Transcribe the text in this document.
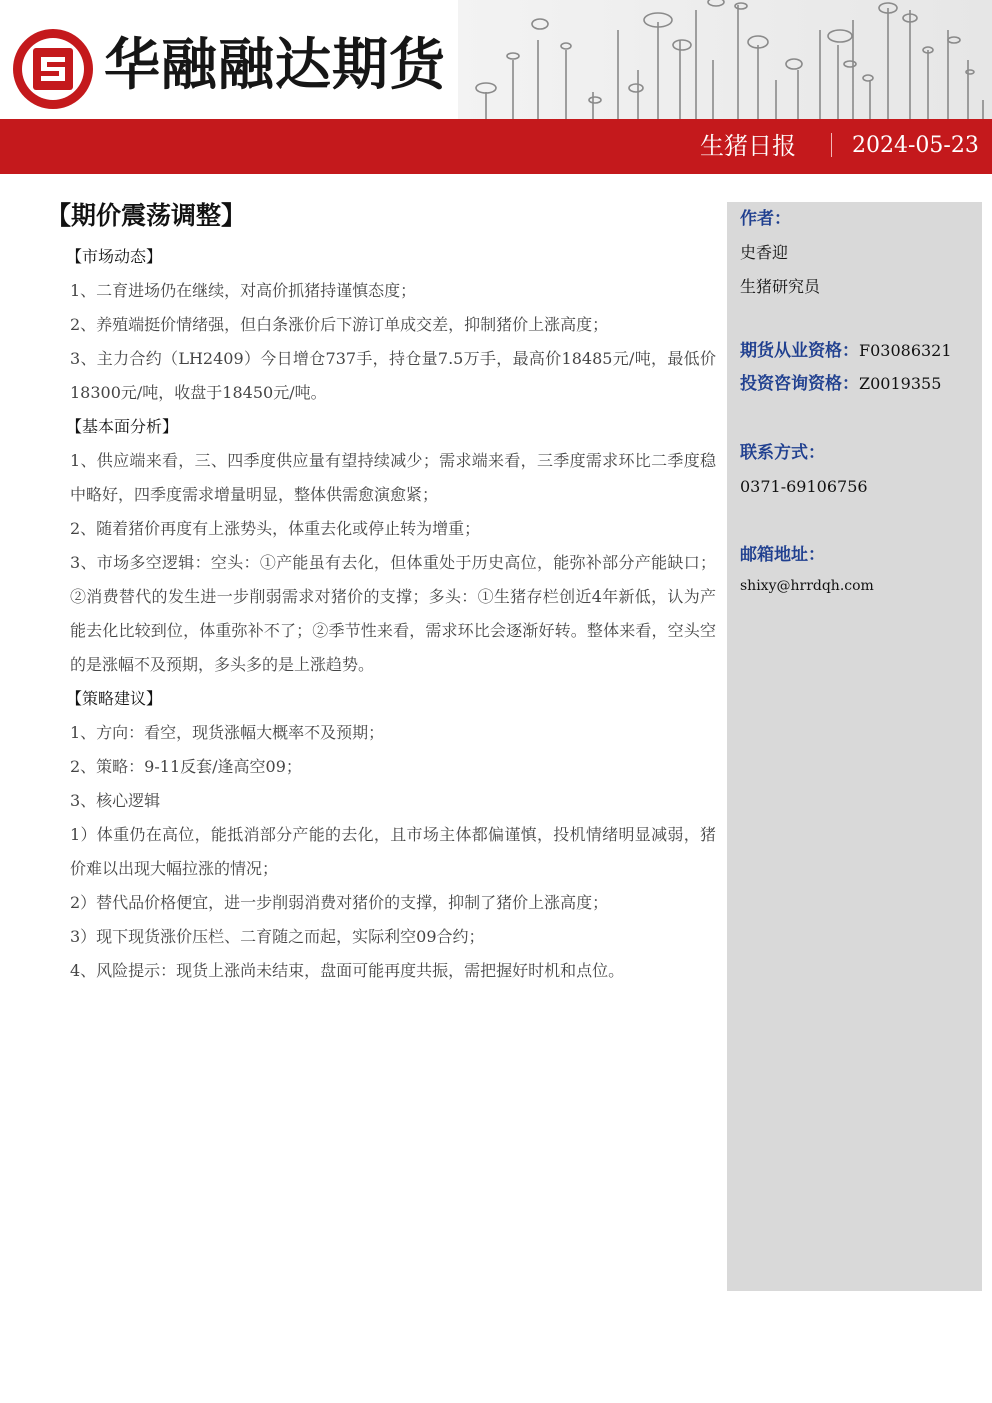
华融融达期货
生猪日报	2024-05-23
【期价震荡调整】
【市场动态】

1、二育进场仍在继续，对高价抓猪持谨慎态度；

2、养殖端挺价情绪强，但白条涨价后下游订单成交差，抑制猪价上涨高度；

3、主力合约（LH2409）今日增仓737手，持仓量7.5万手，最高价18485元/吨，最低价18300元/吨，收盘于18450元/吨。

【基本面分析】

1、供应端来看，三、四季度供应量有望持续减少；需求端来看，三季度需求环比二季度稳中略好，四季度需求增量明显，整体供需愈演愈紧；

2、随着猪价再度有上涨势头，体重去化或停止转为增重；

3、市场多空逻辑：空头：①产能虽有去化，但体重处于历史高位，能弥补部分产能缺口；②消费替代的发生进一步削弱需求对猪价的支撑；多头：①生猪存栏创近4年新低，认为产能去化比较到位，体重弥补不了；②季节性来看，需求环比会逐渐好转。整体来看，空头空的是涨幅不及预期，多头多的是上涨趋势。

【策略建议】

1、方向：看空，现货涨幅大概率不及预期；

2、策略：9-11反套/逢高空09；

3、核心逻辑

1）体重仍在高位，能抵消部分产能的去化，且市场主体都偏谨慎，投机情绪明显减弱，猪价难以出现大幅拉涨的情况；

2）替代品价格便宜，进一步削弱消费对猪价的支撑，抑制了猪价上涨高度；

3）现下现货涨价压栏、二育随之而起，实际利空09合约；

4、风险提示：现货上涨尚未结束，盘面可能再度共振，需把握好时机和点位。

作者：
史香迎
生猪研究员
期货从业资格：F03086321
投资咨询资格：Z0019355
联系方式：
0371-69106756
邮箱地址：
shixy@hrrdqh.com
